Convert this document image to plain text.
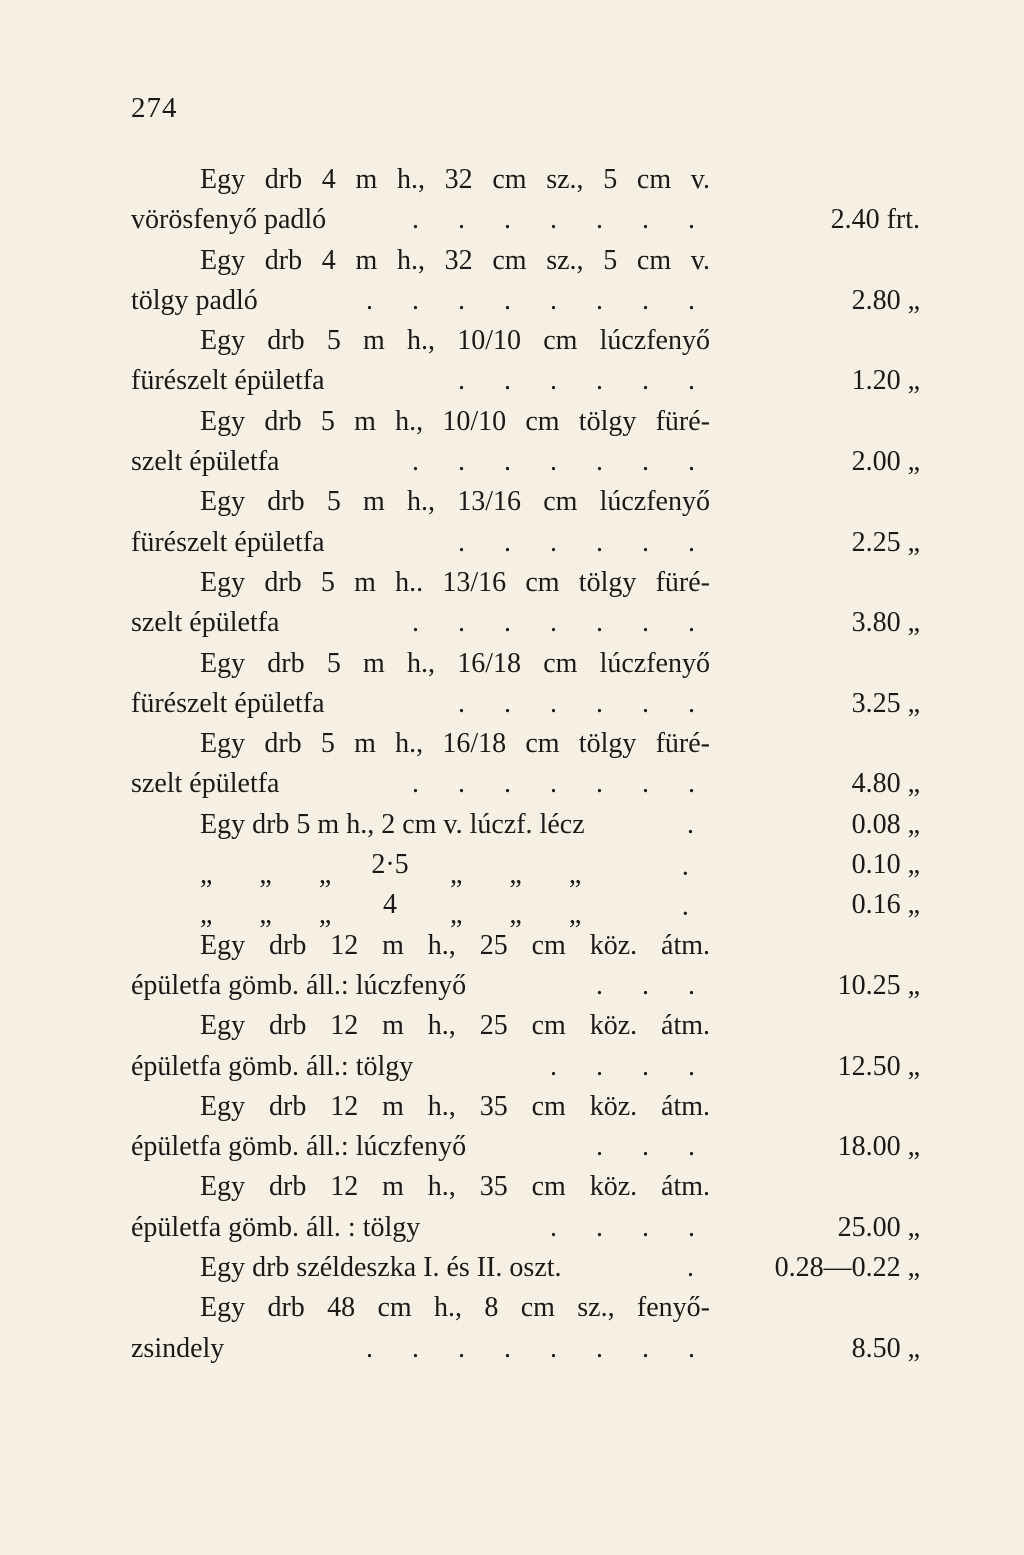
274
Egy drb 4 m h., 32 cm sz., 5 cm v.
vörösfenyő padló	. . . . . . .	2.40 frt.
Egy drb 4 m h., 32 cm sz., 5 cm v.
tölgy padló	. . . . . . . .	2.80 „
Egy drb 5 m h., 10/10 cm lúczfenyő
fürészelt épületfa	. . . . . .	1.20 „
Egy drb 5 m h., 10/10 cm tölgy füré-
szelt épületfa	. . . . . . .	2.00 „
Egy drb 5 m h., 13/16 cm lúczfenyő
fürészelt épületfa	. . . . . .	2.25 „
Egy drb 5 m h.. 13/16 cm tölgy füré-
szelt épületfa	. . . . . . .	3.80 „
Egy drb 5 m h., 16/18 cm lúczfenyő
fürészelt épületfa	. . . . . .	3.25 „
Egy drb 5 m h., 16/18 cm tölgy füré-
szelt épületfa	. . . . . . .	4.80 „
Egy drb 5 m h., 2 cm v. lúczf. lécz	.	0.08 „
„ „ „ 2·5 „ „ „	·	0.10 „
„ „ „ 4 „ „ „	·	0.16 „
Egy drb 12 m h., 25 cm köz. átm.
épületfa gömb. áll.: lúczfenyő	. . .	10.25 „
Egy drb 12 m h., 25 cm köz. átm.
épületfa gömb. áll.: tölgy	. . . .	12.50 „
Egy drb 12 m h., 35 cm köz. átm.
épületfa gömb. áll.: lúczfenyő	. . .	18.00 „
Egy drb 12 m h., 35 cm köz. átm.
épületfa gömb. áll. : tölgy	. . . .	25.00 „
Egy drb széldeszka I. és II. oszt.	.	0.28—0.22 „
Egy drb 48 cm h., 8 cm sz., fenyő-
zsindely	. . . . . . . .	8.50 „
